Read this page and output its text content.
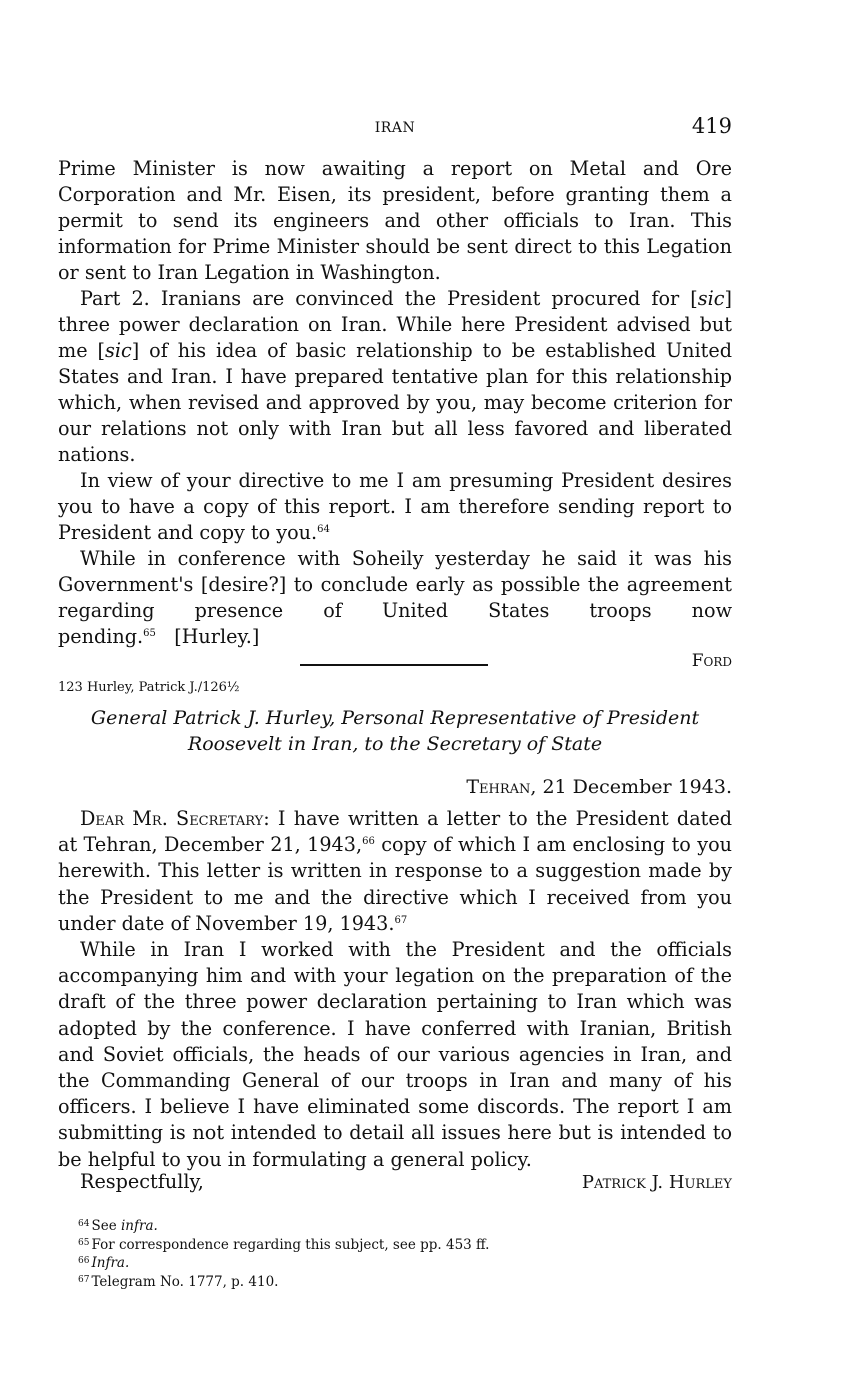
IRAN	419

Prime Minister is now awaiting a report on Metal and Ore Corporation and Mr. Eisen, its president, before granting them a permit to send its engineers and other officials to Iran. This information for Prime Minister should be sent direct to this Legation or sent to Iran Legation in Washington.

Part 2. Iranians are convinced the President procured for [sic] three power declaration on Iran. While here President advised but me [sic] of his idea of basic relationship to be established United States and Iran. I have prepared tentative plan for this relationship which, when revised and approved by you, may become criterion for our relations not only with Iran but all less favored and liberated nations.

In view of your directive to me I am presuming President desires you to have a copy of this report. I am therefore sending report to President and copy to you.$^{64}$

While in conference with Soheily yesterday he said it was his Government's [desire?] to conclude early as possible the agreement regarding presence of United States troops now pending.$^{65}$ [Hurley.]

Ford
123 Hurley, Patrick J./126½
General Patrick J. Hurley, Personal Representative of President
Roosevelt in Iran, to the Secretary of State
Tehran, 21 December 1943.

Dear Mr. Secretary: I have written a letter to the President dated at Tehran, December 21, 1943,66 copy of which I am enclosing to you herewith. This letter is written in response to a suggestion made by the President to me and the directive which I received from you under date of November 19, 1943.67

While in Iran I worked with the President and the officials accompanying him and with your legation on the preparation of the draft of the three power declaration pertaining to Iran which was adopted by the conference. I have conferred with Iranian, British and Soviet officials, the heads of our various agencies in Iran, and the Commanding General of our troops in Iran and many of his officers. I believe I have eliminated some discords. The report I am submitting is not intended to detail all issues here but is intended to be helpful to you in formulating a general policy.

Respectfully,	Patrick J. Hurley
$^{64}$ See infra.
$^{65}$ For correspondence regarding this subject, see pp. 453 ff.
$^{66}$ Infra.
$^{67}$ Telegram No. 1777, p. 410.
